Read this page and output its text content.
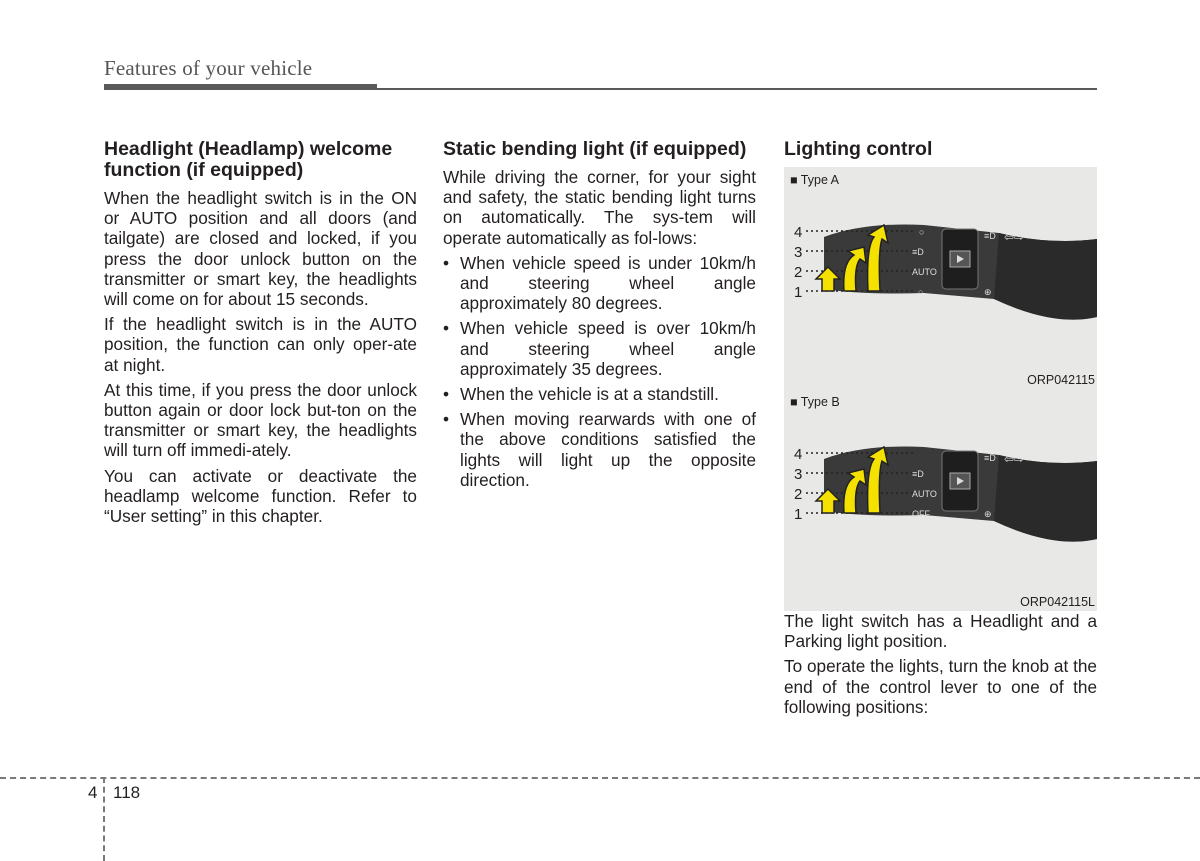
Features of your vehicle
Headlight (Headlamp) welcome function (if equipped)

When the headlight switch is in the ON or AUTO position and all doors (and tailgate) are closed and locked, if you press the door unlock button on the transmitter or smart key, the headlights will come on for about 15 seconds.

If the headlight switch is in the AUTO position, the function can only oper-ate at night.

At this time, if you press the door unlock button again or door lock but-ton on the transmitter or smart key, the headlights will turn off immedi-ately.

You can activate or deactivate the headlamp welcome function. Refer to “User setting” in this chapter.

Static bending light (if equipped)

While driving the corner, for your sight and safety, the static bending light turns on automatically. The sys-tem will operate automatically as fol-lows:

• When vehicle speed is under 10km/h and steering wheel angle approximately 80 degrees.
• When vehicle speed is over 10km/h and steering wheel angle approximately 35 degrees.
• When the vehicle is at a standstill.
• When moving rearwards with one of the above conditions satisfied the lights will light up the opposite direction.
Lighting control
○
≡D
AUTO
○
≡D
⊕
⇦⇨
4
3
2
1
■ Type A
ORP042115
≡D
AUTO
OFF
≡D
⊕
⇦⇨
4
3
2
1
■ Type B
ORP042115L

The light switch has a Headlight and a Parking light position.

To operate the lights, turn the knob at the end of the control lever to one of the following positions:

4 118
